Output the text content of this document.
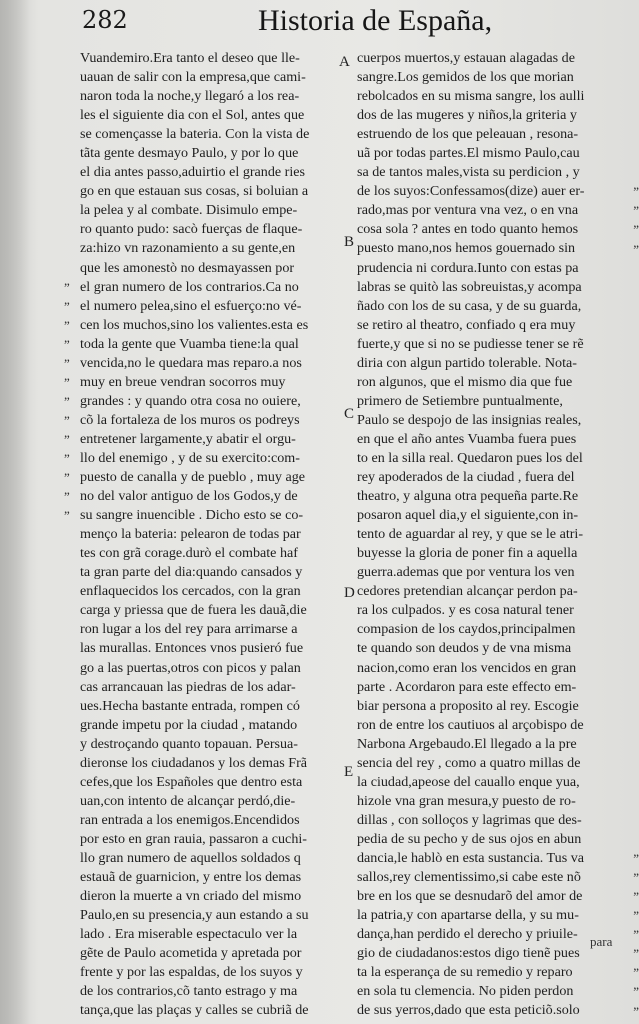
282	Historia de España,
Vuandemiro.Era tanto el deseo que lle-
uauan de salir con la empresa,que cami-
naron toda la noche,y llegaró a los rea-
les el siguiente dia con el Sol, antes que
se començasse la bateria. Con la vista de
tãta gente desmayo Paulo, y por lo que
el dia antes passo,aduirtio el grande ries
go en que estauan sus cosas, si boluian a
la pelea y al combate. Disimulo empe-
ro quanto pudo: sacò fuerças de flaque-
za:hizo vn razonamiento a su gente,en
que les amonestò no desmayassen por
el gran numero de los contrarios.Ca no
”
el numero pelea,sino el esfuerço:no vé-
”
cen los muchos,sino los valientes.esta es
”
toda la gente que Vuamba tiene:la qual
”
vencida,no le quedara mas reparo.a nos
”
muy en breue vendran socorros muy
”
grandes : y quando otra cosa no ouiere,
”
cõ la fortaleza de los muros os podreys
”
entretener largamente,y abatir el orgu-
”
llo del enemigo , y de su exercito:com-
”
puesto de canalla y de pueblo , muy age
”
no del valor antiguo de los Godos,y de
”
su sangre inuencible . Dicho esto se co-
”
menço la bateria: pelearon de todas par
tes con grã corage.durò el combate haf
ta gran parte del dia:quando cansados y
enflaquecidos los cercados, con la gran
carga y priessa que de fuera les dauã,die
ron lugar a los del rey para arrimarse a
las murallas. Entonces vnos pusieró fue
go a las puertas,otros con picos y palan
cas arrancauan las piedras de los adar-
ues.Hecha bastante entrada, rompen có
grande impetu por la ciudad , matando
y destroçando quanto topauan. Persua-
dieronse los ciudadanos y los demas Frã
cefes,que los Españoles que dentro esta
uan,con intento de alcançar perdó,die-
ran entrada a los enemigos.Encendidos
por esto en gran rauia, passaron a cuchi-
llo gran numero de aquellos soldados q
estauã de guarnicion, y entre los demas
dieron la muerte a vn criado del mismo
Paulo,en su presencia,y aun estando a su
lado . Era miserable espectaculo ver la
gẽte de Paulo acometida y apretada por
frente y por las espaldas, de los suyos y
de los contrarios,cõ tanto estrago y ma
tança,que las plaças y calles se cubriã de
cuerpos muertos,y estauan alagadas de
sangre.Los gemidos de los que morian
rebolcados en su misma sangre, los aulli
dos de las mugeres y niños,la griteria y
estruendo de los que peleauan , resona-
uã por todas partes.El mismo Paulo,cau
sa de tantos males,vista su perdicion , y
de los suyos:Confessamos(dize) auer er-	”
rado,mas por ventura vna vez, o en vna	”
cosa sola ? antes en todo quanto hemos	”
puesto mano,nos hemos gouernado sin	”
prudencia ni cordura.Iunto con estas pa
labras se quitò las sobreuistas,y acompa
ñado con los de su casa, y de su guarda,
se retiro al theatro, confiado q era muy
fuerte,y que si no se pudiesse tener se rẽ
diria con algun partido tolerable. Nota-
ron algunos, que el mismo dia que fue
primero de Setiembre puntualmente,
Paulo se despojo de las insignias reales,
en que el año antes Vuamba fuera pues
to en la silla real. Quedaron pues los del
rey apoderados de la ciudad , fuera del
theatro, y alguna otra pequeña parte.Re
posaron aquel dia,y el siguiente,con in-
tento de aguardar al rey, y que se le atri-
buyesse la gloria de poner fin a aquella
guerra.ademas que por ventura los ven
cedores pretendian alcançar perdon pa-
ra los culpados. y es cosa natural tener
compasion de los caydos,principalmen
te quando son deudos y de vna misma
nacion,como eran los vencidos en gran
parte . Acordaron para este effecto em-
biar persona a proposito al rey. Escogie
ron de entre los cautiuos al arçobispo de
Narbona Argebaudo.El llegado a la pre
sencia del rey , como a quatro millas de
la ciudad,apeose del cauallo enque yua,
hizole vna gran mesura,y puesto de ro-
dillas , con solloços y lagrimas que des-
pedia de su pecho y de sus ojos en abun
dancia,le hablò en esta sustancia. Tus va	”
sallos,rey clementissimo,si cabe este nõ	”
bre en los que se desnudarõ del amor de	”
la patria,y con apartarse della, y su mu-	”
dança,han perdido el derecho y priuile-	”
gio de ciudadanos:estos digo tienẽ pues	”
ta la esperança de su remedio y reparo	”
en sola tu clemencia. No piden perdon	”
de sus yerros,dado que esta peticiõ.solo	”
A
B
C
D
E
para
